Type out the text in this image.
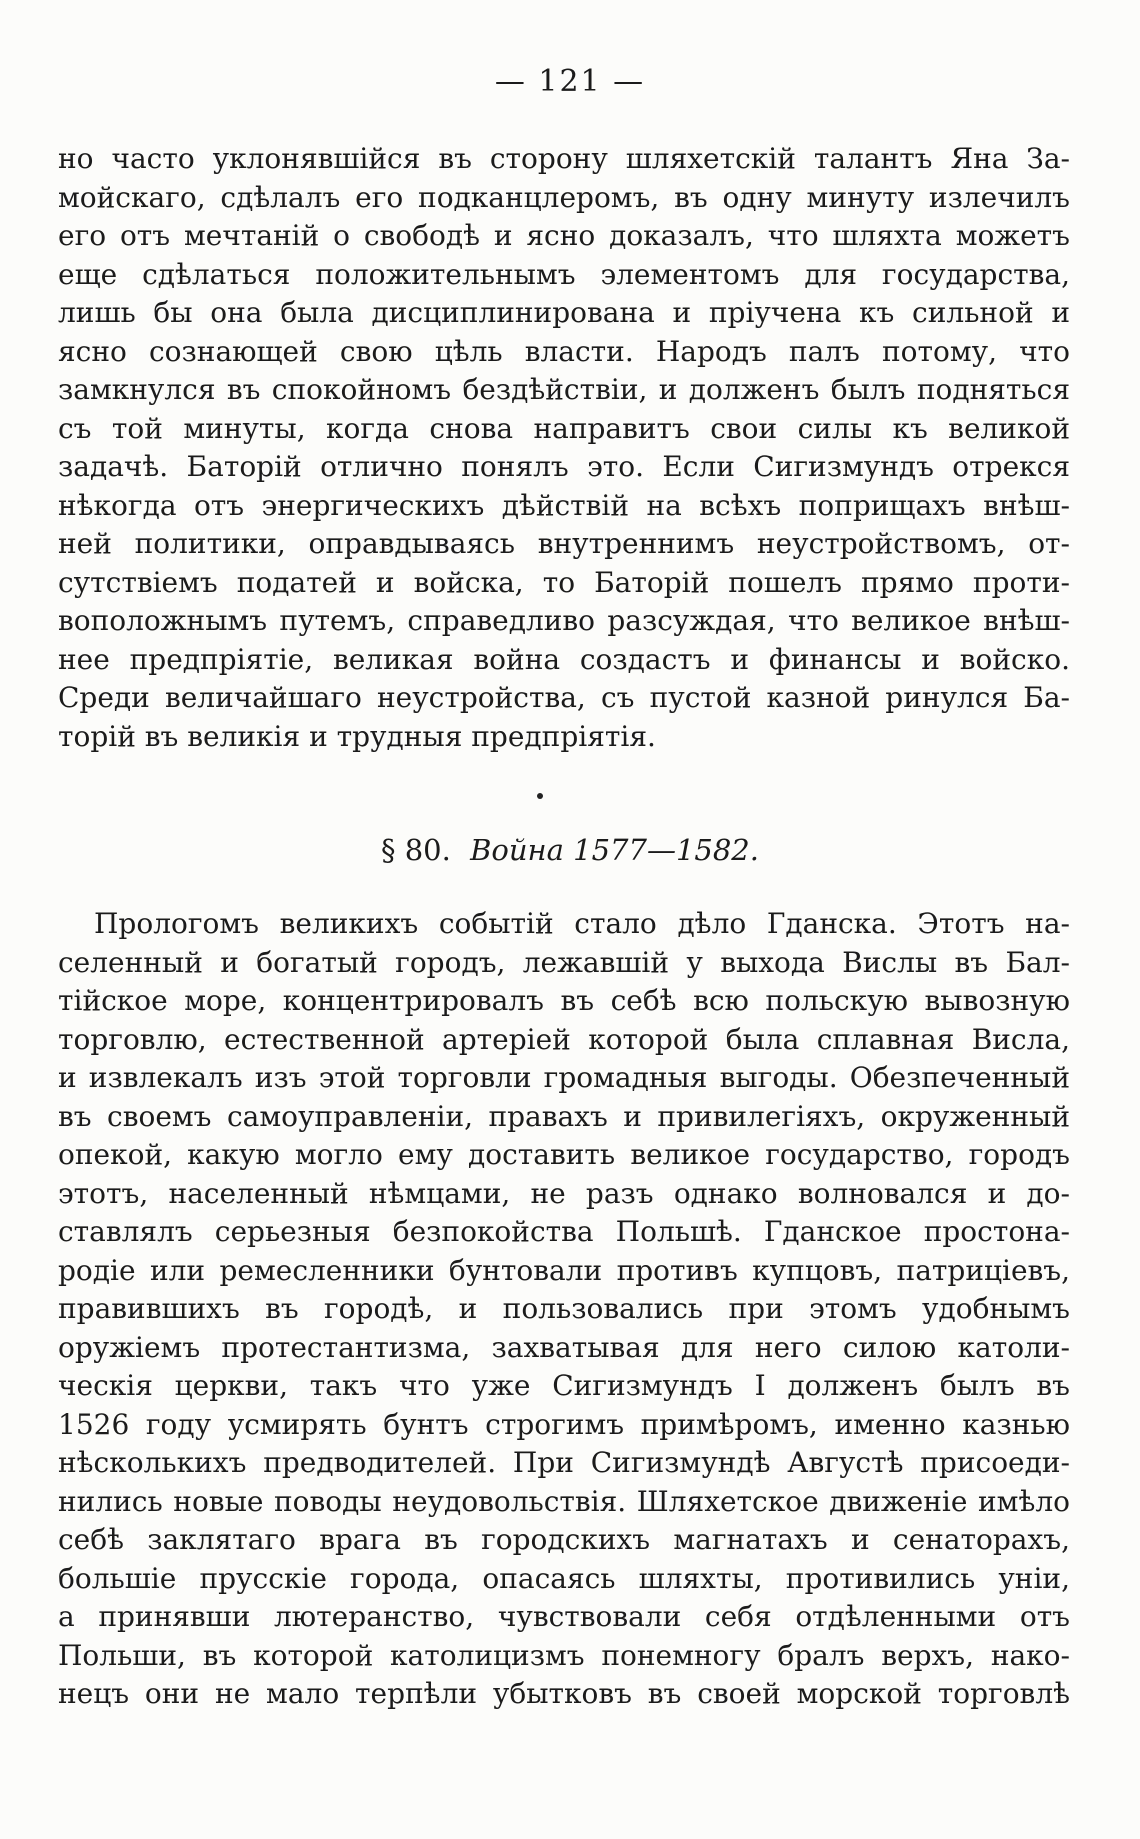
— 121 —
но часто уклонявшійся въ сторону шляхетскій талантъ Яна За-
мойскаго, сдѣлалъ его подканцлеромъ, въ одну минуту излечилъ
его отъ мечтаній о свободѣ и ясно доказалъ, что шляхта можетъ
еще сдѣлаться положительнымъ элементомъ для государства,
лишь бы она была дисциплинирована и пріучена къ сильной и
ясно сознающей свою цѣль власти. Народъ палъ потому, что
замкнулся въ спокойномъ бездѣйствіи, и долженъ былъ подняться
съ той минуты, когда снова направитъ свои силы къ великой
задачѣ. Баторій отлично понялъ это. Если Сигизмундъ отрекся
нѣкогда отъ энергическихъ дѣйствій на всѣхъ поприщахъ внѣш-
ней политики, оправдываясь внутреннимъ неустройствомъ, от-
сутствіемъ податей и войска, то Баторій пошелъ прямо проти-
воположнымъ путемъ, справедливо разсуждая, что великое внѣш-
нее предпріятіе, великая война создастъ и финансы и войско.
Среди величайшаго неустройства, съ пустой казной ринулся Ба-
торій въ великія и трудныя предпріятія.
§ 80. Война 1577—1582.
Прологомъ великихъ событій стало дѣло Гданска. Этотъ на-
селенный и богатый городъ, лежавшій у выхода Вислы въ Бал-
тійское море, концентрировалъ въ себѣ всю польскую вывозную
торговлю, естественной артеріей которой была сплавная Висла,
и извлекалъ изъ этой торговли громадныя выгоды. Обезпеченный
въ своемъ самоуправленіи, правахъ и привилегіяхъ, окруженный
опекой, какую могло ему доставить великое государство, городъ
этотъ, населенный нѣмцами, не разъ однако волновался и до-
ставлялъ серьезныя безпокойства Польшѣ. Гданское простона-
родіе или ремесленники бунтовали противъ купцовъ, патриціевъ,
правившихъ въ городѣ, и пользовались при этомъ удобнымъ
оружіемъ протестантизма, захватывая для него силою католи-
ческія церкви, такъ что уже Сигизмундъ I долженъ былъ въ
1526 году усмирять бунтъ строгимъ примѣромъ, именно казнью
нѣсколькихъ предводителей. При Сигизмундѣ Августѣ присоеди-
нились новые поводы неудовольствія. Шляхетское движеніе имѣло
себѣ заклятаго врага въ городскихъ магнатахъ и сенаторахъ,
большіе прусскіе города, опасаясь шляхты, противились уніи,
а принявши лютеранство, чувствовали себя отдѣленными отъ
Польши, въ которой католицизмъ понемногу бралъ верхъ, нако-
нецъ они не мало терпѣли убытковъ въ своей морской торговлѣ
